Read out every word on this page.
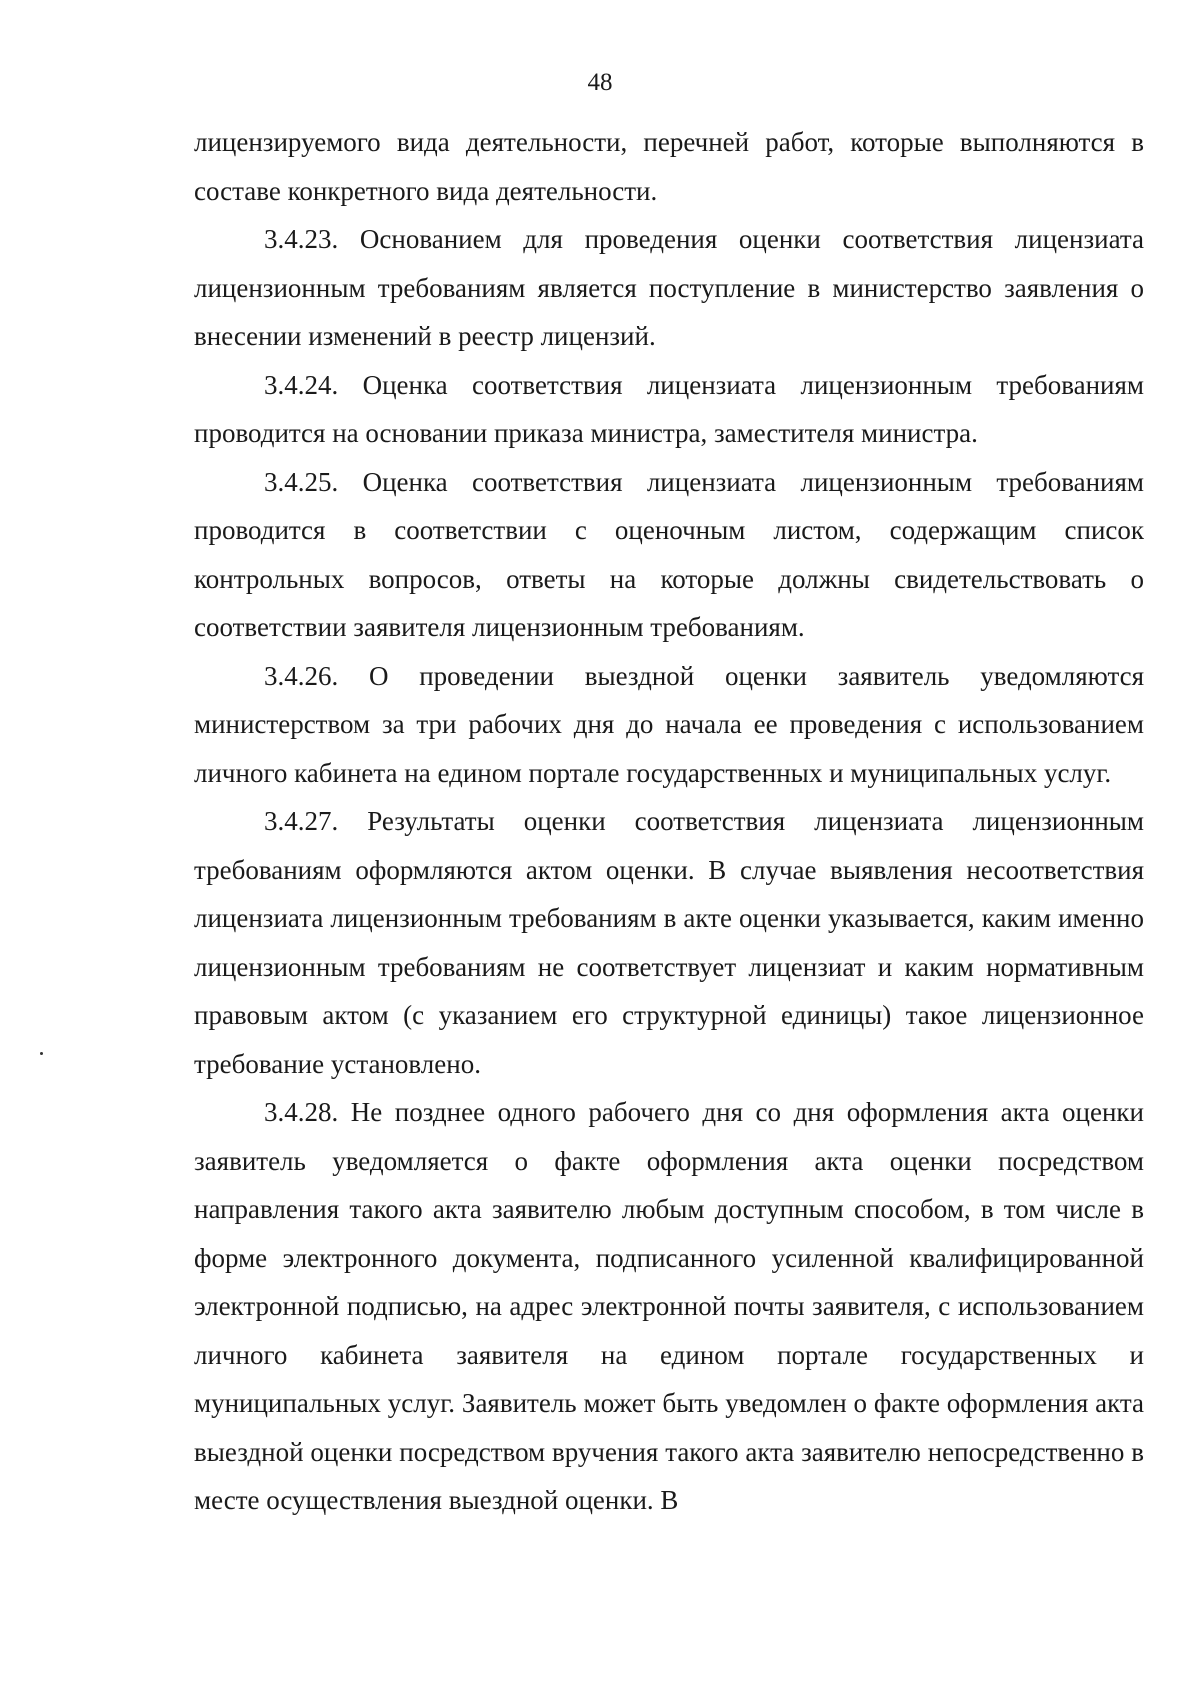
48

лицензируемого вида деятельности, перечней работ, которые выполняются в составе конкретного вида деятельности.

3.4.23. Основанием для проведения оценки соответствия лицензиата лицензионным требованиям является поступление в министерство заявления о внесении изменений в реестр лицензий.

3.4.24. Оценка соответствия лицензиата лицензионным требованиям проводится на основании приказа министра, заместителя министра.

3.4.25. Оценка соответствия лицензиата лицензионным требованиям проводится в соответствии с оценочным листом, содержащим список контрольных вопросов, ответы на которые должны свидетельствовать о соответствии заявителя лицензионным требованиям.

3.4.26. О проведении выездной оценки заявитель уведомляются министерством за три рабочих дня до начала ее проведения с использованием личного кабинета на едином портале государственных и муниципальных услуг.

3.4.27. Результаты оценки соответствия лицензиата лицензионным требованиям оформляются актом оценки. В случае выявления несоответствия лицензиата лицензионным требованиям в акте оценки указывается, каким именно лицензионным требованиям не соответствует лицензиат и каким нормативным правовым актом (с указанием его структурной единицы) такое лицензионное требование установлено.

3.4.28. Не позднее одного рабочего дня со дня оформления акта оценки заявитель уведомляется о факте оформления акта оценки посредством направления такого акта заявителю любым доступным способом, в том числе в форме электронного документа, подписанного усиленной квалифицированной электронной подписью, на адрес электронной почты заявителя, с использованием личного кабинета заявителя на едином портале государственных и муниципальных услуг. Заявитель может быть уведомлен о факте оформления акта выездной оценки посредством вручения такого акта заявителю непосредственно в месте осуществления выездной оценки. В
